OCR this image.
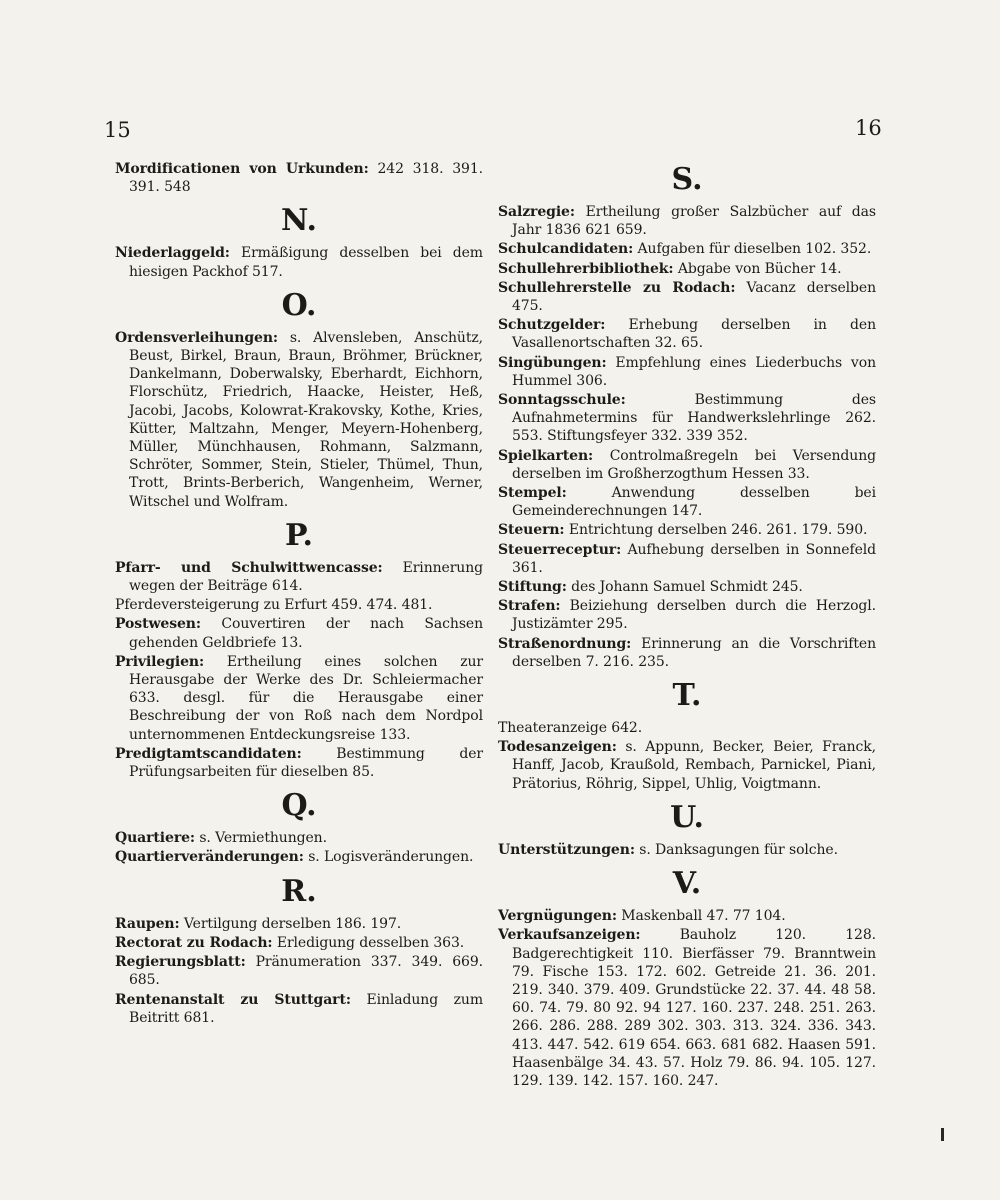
15	16
Mordificationen von Urkunden: 242 318. 391. 391. 548
N.
Niederlaggeld: Ermäßigung desselben bei dem hiesigen Packhof 517.
O.
Ordensverleihungen: s. Alvensleben, Anschütz, Beust, Birkel, Braun, Braun, Bröhmer, Brückner, Dankelmann, Doberwalsky, Eberhardt, Eichhorn, Florschütz, Friedrich, Haacke, Heister, Heß, Jacobi, Jacobs, Kolowrat-Krakovsky, Kothe, Kries, Kütter, Maltzahn, Menger, Meyern-Hohenberg, Müller, Münchhausen, Rohmann, Salzmann, Schröter, Sommer, Stein, Stieler, Thümel, Thun, Trott, Brints-Berberich, Wangenheim, Werner, Witschel und Wolfram.
P.
Pfarr- und Schulwittwencasse: Erinnerung wegen der Beiträge 614.
Pferdeversteigerung zu Erfurt 459. 474. 481.
Postwesen: Couvertiren der nach Sachsen gehenden Geldbriefe 13.
Privilegien: Ertheilung eines solchen zur Herausgabe der Werke des Dr. Schleiermacher 633. desgl. für die Herausgabe einer Beschreibung der von Roß nach dem Nordpol unternommenen Entdeckungsreise 133.
Predigtamtscandidaten: Bestimmung der Prüfungsarbeiten für dieselben 85.
Q.
Quartiere: s. Vermiethungen.
Quartierveränderungen: s. Logisveränderungen.
R.
Raupen: Vertilgung derselben 186. 197.
Rectorat zu Rodach: Erledigung desselben 363.
Regierungsblatt: Pränumeration 337. 349. 669. 685.
Rentenanstalt zu Stuttgart: Einladung zum Beitritt 681.
S.
Salzregie: Ertheilung großer Salzbücher auf das Jahr 1836 621 659.
Schulcandidaten: Aufgaben für dieselben 102. 352.
Schullehrerbibliothek: Abgabe von Bücher 14.
Schullehrerstelle zu Rodach: Vacanz derselben 475.
Schutzgelder: Erhebung derselben in den Vasallenortschaften 32. 65.
Singübungen: Empfehlung eines Liederbuchs von Hummel 306.
Sonntagsschule: Bestimmung des Aufnahmetermins für Handwerkslehrlinge 262. 553. Stiftungsfeyer 332. 339 352.
Spielkarten: Controlmaßregeln bei Versendung derselben im Großherzogthum Hessen 33.
Stempel: Anwendung desselben bei Gemeinderechnungen 147.
Steuern: Entrichtung derselben 246. 261. 179. 590.
Steuerreceptur: Aufhebung derselben in Sonnefeld 361.
Stiftung: des Johann Samuel Schmidt 245.
Strafen: Beiziehung derselben durch die Herzogl. Justizämter 295.
Straßenordnung: Erinnerung an die Vorschriften derselben 7. 216. 235.
T.
Theateranzeige 642.
Todesanzeigen: s. Appunn, Becker, Beier, Franck, Hanff, Jacob, Kraußold, Rembach, Parnickel, Piani, Prätorius, Röhrig, Sippel, Uhlig, Voigtmann.
U.
Unterstützungen: s. Danksagungen für solche.
V.
Vergnügungen: Maskenball 47. 77 104.
Verkaufsanzeigen: Bauholz 120. 128. Badgerechtigkeit 110. Bierfässer 79. Branntwein 79. Fische 153. 172. 602. Getreide 21. 36. 201. 219. 340. 379. 409. Grundstücke 22. 37. 44. 48 58. 60. 74. 79. 80 92. 94 127. 160. 237. 248. 251. 263. 266. 286. 288. 289 302. 303. 313. 324. 336. 343. 413. 447. 542. 619 654. 663. 681 682. Haasen 591. Haasenbälge 34. 43. 57. Holz 79. 86. 94. 105. 127. 129. 139. 142. 157. 160. 247.
